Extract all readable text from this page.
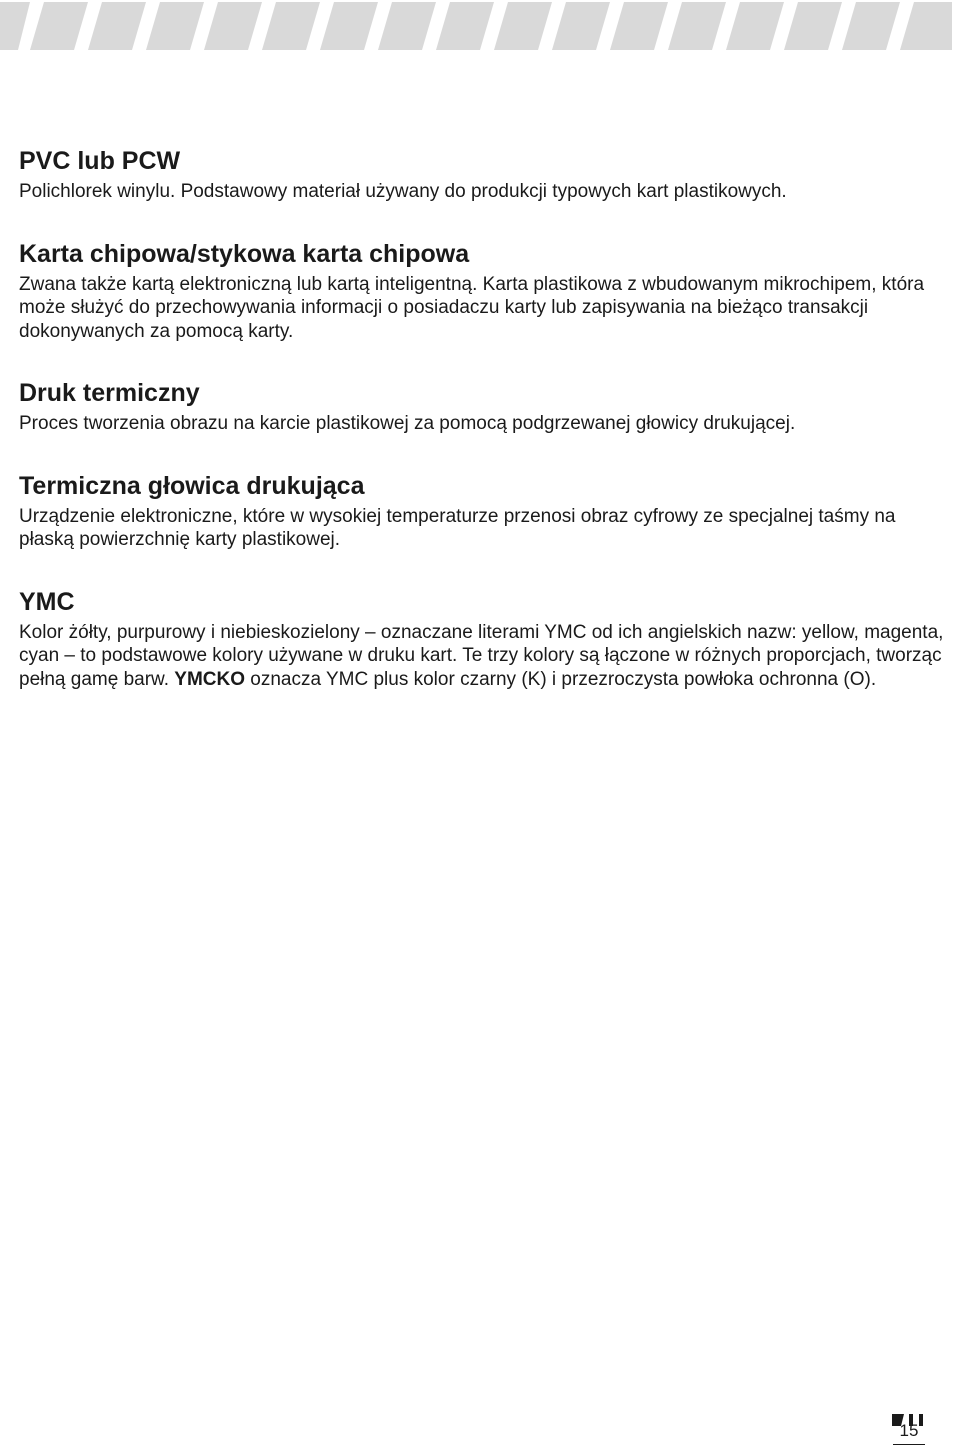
PVC lub PCW

Polichlorek winylu. Podstawowy materiał używany do produkcji typowych kart plastikowych.

Karta chipowa/stykowa karta chipowa

Zwana także kartą elektroniczną lub kartą inteligentną. Karta plastikowa z wbudowanym mikrochipem, która może służyć do przechowywania informacji o posiadaczu karty lub zapisywania na bieżąco transakcji dokonywanych za pomocą karty.

Druk termiczny

Proces tworzenia obrazu na karcie plastikowej za pomocą podgrzewanej głowicy drukującej.

Termiczna głowica drukująca

Urządzenie elektroniczne, które w wysokiej temperaturze przenosi obraz cyfrowy ze specjalnej taśmy na płaską powierzchnię karty plastikowej.

YMC

Kolor żółty, purpurowy i niebieskozielony – oznaczane literami YMC od ich angielskich nazw: yellow, magenta, cyan – to podstawowe kolory używane w druku kart. Te trzy kolory są łączone w różnych proporcjach, tworząc pełną gamę barw. YMCKO oznacza YMC plus kolor czarny (K) i przezroczysta powłoka ochronna (O).

15
